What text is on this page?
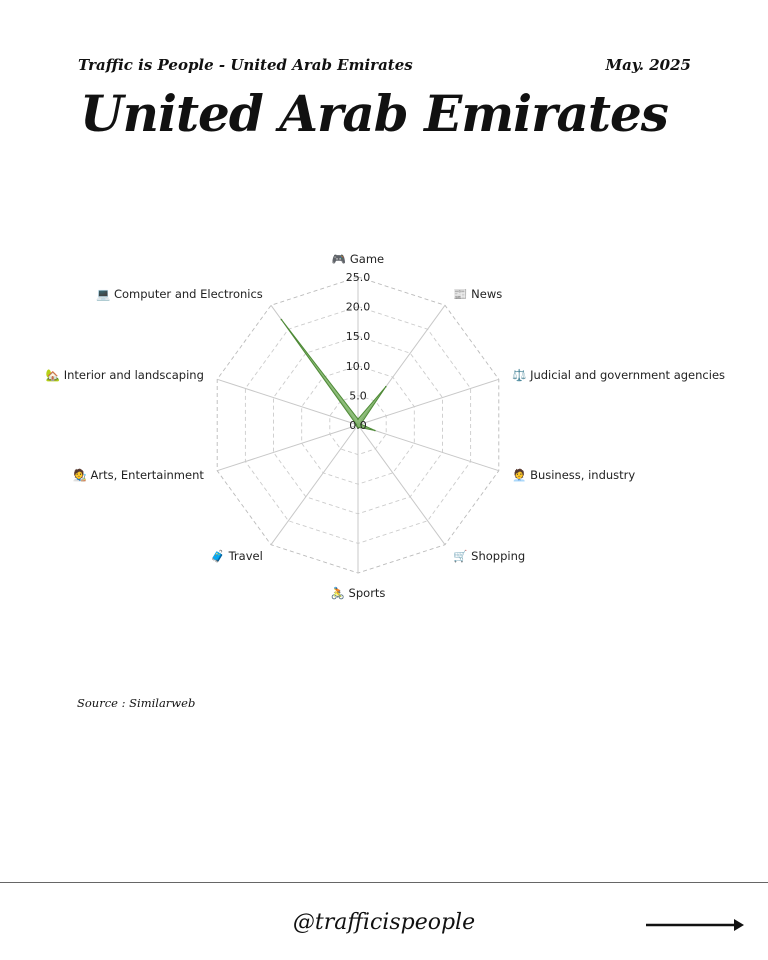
Traffic is People - United Arab Emirates	May. 2025
United Arab Emirates
0.0
5.0
10.0
15.0
20.0
25.0
🎮 Game
📰 News
⚖️ Judicial and government agencies
🧑‍💼 Business, industry
🛒 Shopping
🚴 Sports
🧳 Travel
🧑‍🎨 Arts, Entertainment
🏡 Interior and landscaping
💻 Computer and Electronics
Source : Similarweb
@trafficispeople
